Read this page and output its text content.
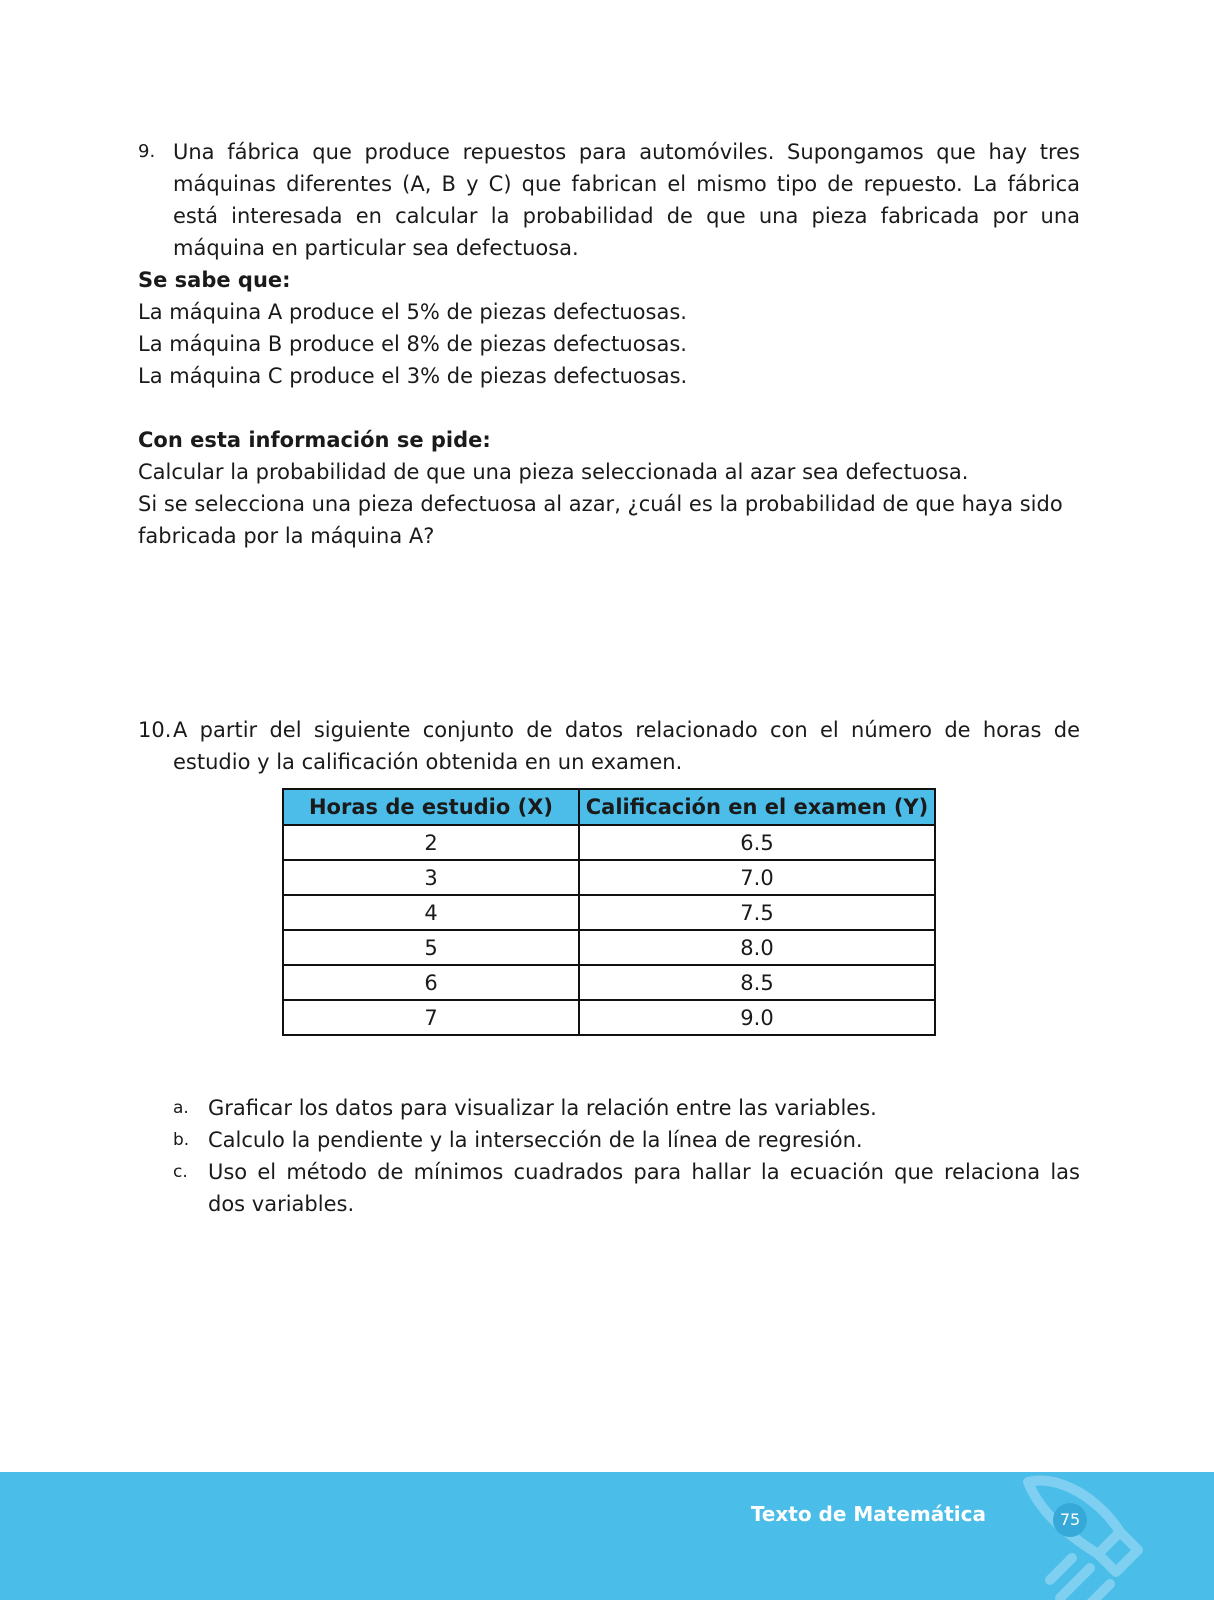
9. Una fábrica que produce repuestos para automóviles. Supongamos que hay tres máquinas diferentes (A, B y C) que fabrican el mismo tipo de repuesto. La fábrica está interesada en calcular la probabilidad de que una pieza fabricada por una máquina en particular sea defectuosa.
Se sabe que:
La máquina A produce el 5% de piezas defectuosas.
La máquina B produce el 8% de piezas defectuosas.
La máquina C produce el 3% de piezas defectuosas.
Con esta información se pide:
Calcular la probabilidad de que una pieza seleccionada al azar sea defectuosa.
Si se selecciona una pieza defectuosa al azar, ¿cuál es la probabilidad de que haya sido fabricada por la máquina A?
10. A partir del siguiente conjunto de datos relacionado con el número de horas de estudio y la calificación obtenida en un examen.
Horas de estudio (X)	Calificación en el examen (Y)
2	6.5
3	7.0
4	7.5
5	8.0
6	8.5
7	9.0
a. Graficar los datos para visualizar la relación entre las variables.
b. Calculo la pendiente y la intersección de la línea de regresión.
c. Uso el método de mínimos cuadrados para hallar la ecuación que relaciona las dos variables.
Texto de Matemática	75
